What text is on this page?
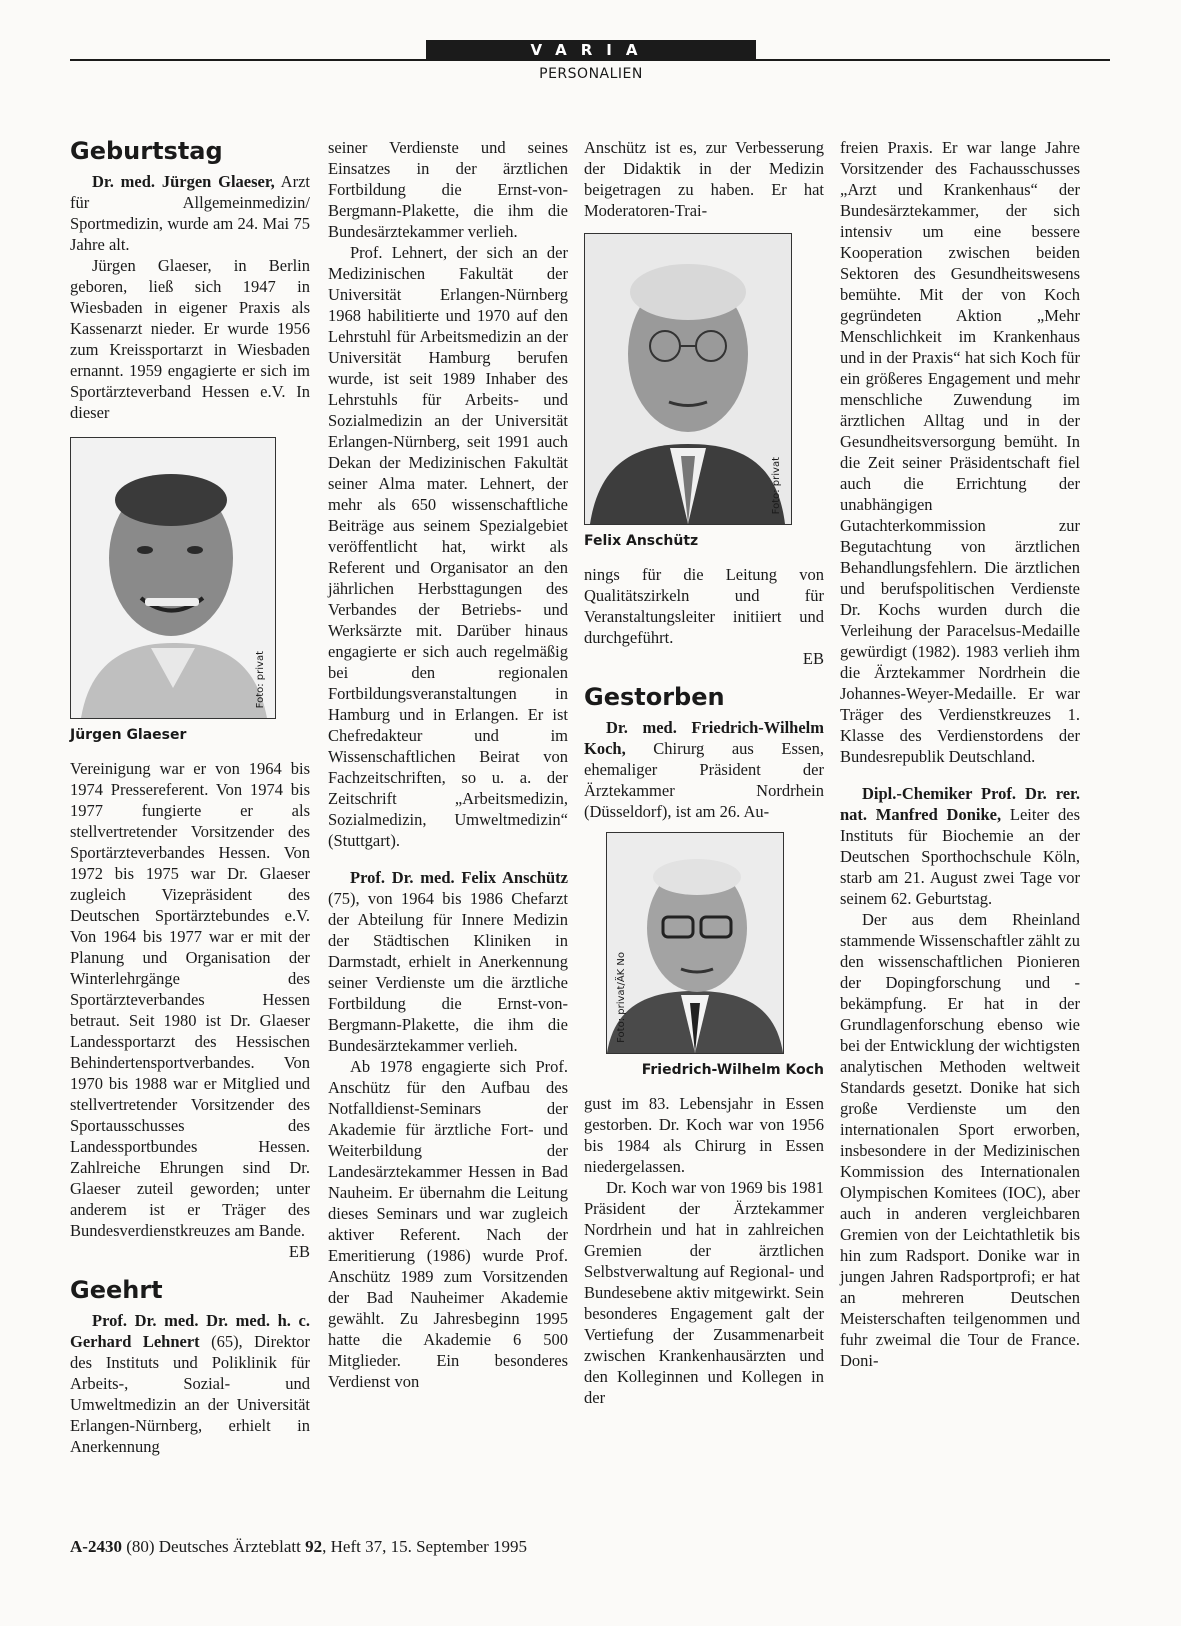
VARIA
PERSONALIEN
Geburtstag

Dr. med. Jürgen Glaeser, Arzt für Allgemeinmedizin/ Sportmedizin, wurde am 24. Mai 75 Jahre alt.

Jürgen Glaeser, in Berlin geboren, ließ sich 1947 in Wiesbaden in eigener Praxis als Kassenarzt nieder. Er wurde 1956 zum Kreissportarzt in Wiesbaden ernannt. 1959 engagierte er sich im Sportärzteverband Hessen e.V. In dieser

Foto: privat
Jürgen Glaeser

Vereinigung war er von 1964 bis 1974 Pressereferent. Von 1974 bis 1977 fungierte er als stellvertretender Vorsitzender des Sportärzteverbandes Hessen. Von 1972 bis 1975 war Dr. Glaeser zugleich Vizepräsident des Deutschen Sportärztebundes e.V. Von 1964 bis 1977 war er mit der Planung und Organisation der Winterlehrgänge des Sportärzteverbandes Hessen betraut. Seit 1980 ist Dr. Glaeser Landessportarzt des Hessischen Behindertensportverbandes. Von 1970 bis 1988 war er Mitglied und stellvertretender Vorsitzender des Sportausschusses des Landessportbundes Hessen. Zahlreiche Ehrungen sind Dr. Glaeser zuteil geworden; unter anderem ist er Träger des Bundesverdienstkreuzes am Bande.
EB

Geehrt

Prof. Dr. med. Dr. med. h. c. Gerhard Lehnert (65), Direktor des Instituts und Poliklinik für Arbeits-, Sozial- und Umweltmedizin an der Universität Erlangen-Nürnberg, erhielt in Anerkennung

seiner Verdienste und seines Einsatzes in der ärztlichen Fortbildung die Ernst-von-Bergmann-Plakette, die ihm die Bundesärztekammer verlieh.

Prof. Lehnert, der sich an der Medizinischen Fakultät der Universität Erlangen-Nürnberg 1968 habilitierte und 1970 auf den Lehrstuhl für Arbeitsmedizin an der Universität Hamburg berufen wurde, ist seit 1989 Inhaber des Lehrstuhls für Arbeits- und Sozialmedizin an der Universität Erlangen-Nürnberg, seit 1991 auch Dekan der Medizinischen Fakultät seiner Alma mater. Lehnert, der mehr als 650 wissenschaftliche Beiträge aus seinem Spezialgebiet veröffentlicht hat, wirkt als Referent und Organisator an den jährlichen Herbsttagungen des Verbandes der Betriebs- und Werksärzte mit. Darüber hinaus engagierte er sich auch regelmäßig bei den regionalen Fortbildungsveranstaltungen in Hamburg und in Erlangen. Er ist Chefredakteur und im Wissenschaftlichen Beirat von Fachzeitschriften, so u. a. der Zeitschrift „Arbeitsmedizin, Sozialmedizin, Umweltmedizin“ (Stuttgart).

Prof. Dr. med. Felix Anschütz (75), von 1964 bis 1986 Chefarzt der Abteilung für Innere Medizin der Städtischen Kliniken in Darmstadt, erhielt in Anerkennung seiner Verdienste um die ärztliche Fortbildung die Ernst-von-Bergmann-Plakette, die ihm die Bundesärztekammer verlieh.

Ab 1978 engagierte sich Prof. Anschütz für den Aufbau des Notfalldienst-Seminars der Akademie für ärztliche Fort- und Weiterbildung der Landesärztekammer Hessen in Bad Nauheim. Er übernahm die Leitung dieses Seminars und war zugleich aktiver Referent. Nach der Emeritierung (1986) wurde Prof. Anschütz 1989 zum Vorsitzenden der Bad Nauheimer Akademie gewählt. Zu Jahresbeginn 1995 hatte die Akademie 6 500 Mitglieder. Ein besonderes Verdienst von

Anschütz ist es, zur Verbesserung der Didaktik in der Medizin beigetragen zu haben. Er hat Moderatoren-Trai-

Foto: privat
Felix Anschütz

nings für die Leitung von Qualitätszirkeln und für Veranstaltungsleiter initiiert und durchgeführt.
EB

Gestorben

Dr. med. Friedrich-Wilhelm Koch, Chirurg aus Essen, ehemaliger Präsident der Ärztekammer Nordrhein (Düsseldorf), ist am 26. Au-

Foto: privat/ÄK No
Friedrich-Wilhelm Koch

gust im 83. Lebensjahr in Essen gestorben. Dr. Koch war von 1956 bis 1984 als Chirurg in Essen niedergelassen.

Dr. Koch war von 1969 bis 1981 Präsident der Ärztekammer Nordrhein und hat in zahlreichen Gremien der ärztlichen Selbstverwaltung auf Regional- und Bundesebene aktiv mitgewirkt. Sein besonderes Engagement galt der Vertiefung der Zusammenarbeit zwischen Krankenhausärzten und den Kolleginnen und Kollegen in der

freien Praxis. Er war lange Jahre Vorsitzender des Fachausschusses „Arzt und Krankenhaus“ der Bundesärztekammer, der sich intensiv um eine bessere Kooperation zwischen beiden Sektoren des Gesundheitswesens bemühte. Mit der von Koch gegründeten Aktion „Mehr Menschlichkeit im Krankenhaus und in der Praxis“ hat sich Koch für ein größeres Engagement und mehr menschliche Zuwendung im ärztlichen Alltag und in der Gesundheitsversorgung bemüht. In die Zeit seiner Präsidentschaft fiel auch die Errichtung der unabhängigen Gutachterkommission zur Begutachtung von ärztlichen Behandlungsfehlern. Die ärztlichen und berufspolitischen Verdienste Dr. Kochs wurden durch die Verleihung der Paracelsus-Medaille gewürdigt (1982). 1983 verlieh ihm die Ärztekammer Nordrhein die Johannes-Weyer-Medaille. Er war Träger des Verdienstkreuzes 1. Klasse des Verdienstordens der Bundesrepublik Deutschland.

Dipl.-Chemiker Prof. Dr. rer. nat. Manfred Donike, Leiter des Instituts für Biochemie an der Deutschen Sporthochschule Köln, starb am 21. August zwei Tage vor seinem 62. Geburtstag.

Der aus dem Rheinland stammende Wissenschaftler zählt zu den wissenschaftlichen Pionieren der Dopingforschung und -bekämpfung. Er hat in der Grundlagenforschung ebenso wie bei der Entwicklung der wichtigsten analytischen Methoden weltweit Standards gesetzt. Donike hat sich große Verdienste um den internationalen Sport erworben, insbesondere in der Medizinischen Kommission des Internationalen Olympischen Komitees (IOC), aber auch in anderen vergleichbaren Gremien von der Leichtathletik bis hin zum Radsport. Donike war in jungen Jahren Radsportprofi; er hat an mehreren Deutschen Meisterschaften teilgenommen und fuhr zweimal die Tour de France. Doni-

A-2430 (80) Deutsches Ärzteblatt 92, Heft 37, 15. September 1995
